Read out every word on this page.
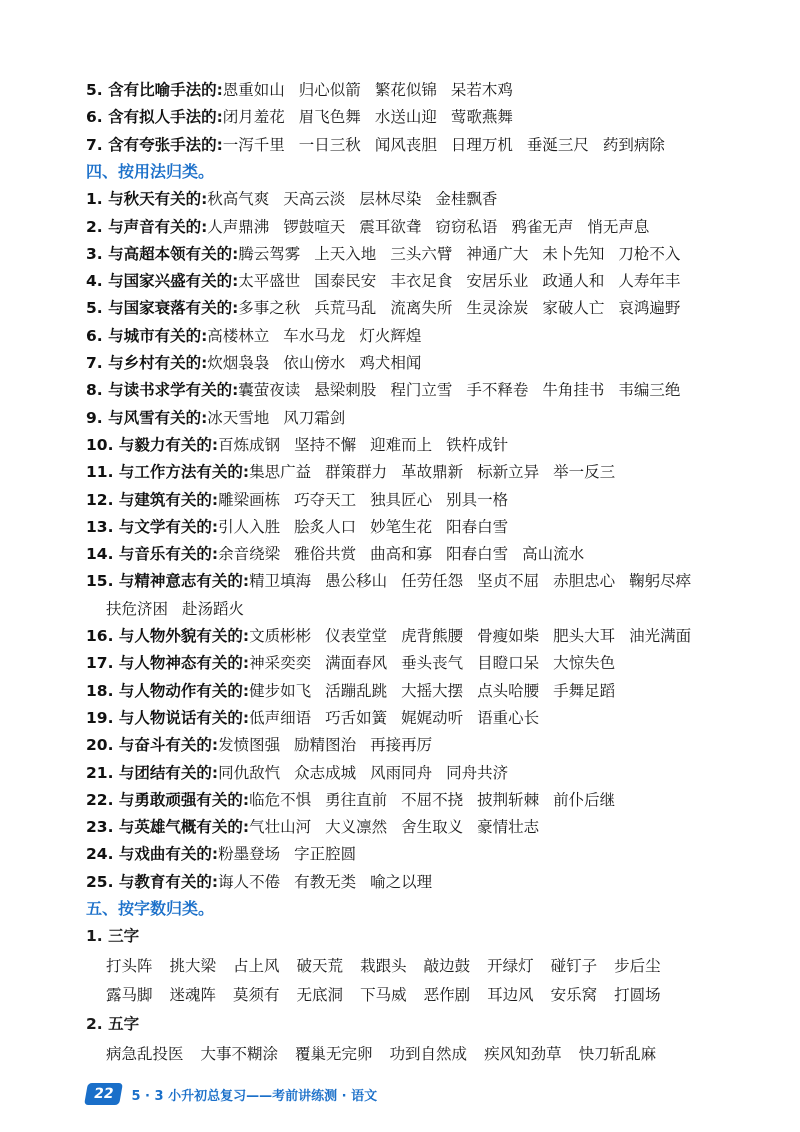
5. 含有比喻手法的:恩重如山 归心似箭 繁花似锦 呆若木鸡
6. 含有拟人手法的:闭月羞花 眉飞色舞 水送山迎 莺歌燕舞
7. 含有夸张手法的:一泻千里 一日三秋 闻风丧胆 日理万机 垂涎三尺 药到病除
四、按用法归类。
1. 与秋天有关的:秋高气爽 天高云淡 层林尽染 金桂飘香
2. 与声音有关的:人声鼎沸 锣鼓喧天 震耳欲聋 窃窃私语 鸦雀无声 悄无声息
3. 与高超本领有关的:腾云驾雾 上天入地 三头六臂 神通广大 未卜先知 刀枪不入
4. 与国家兴盛有关的:太平盛世 国泰民安 丰衣足食 安居乐业 政通人和 人寿年丰
5. 与国家衰落有关的:多事之秋 兵荒马乱 流离失所 生灵涂炭 家破人亡 哀鸿遍野
6. 与城市有关的:高楼林立 车水马龙 灯火辉煌
7. 与乡村有关的:炊烟袅袅 依山傍水 鸡犬相闻
8. 与读书求学有关的:囊萤夜读 悬梁刺股 程门立雪 手不释卷 牛角挂书 韦编三绝
9. 与风雪有关的:冰天雪地 风刀霜剑
10. 与毅力有关的:百炼成钢 坚持不懈 迎难而上 铁杵成针
11. 与工作方法有关的:集思广益 群策群力 革故鼎新 标新立异 举一反三
12. 与建筑有关的:雕梁画栋 巧夺天工 独具匠心 别具一格
13. 与文学有关的:引人入胜 脍炙人口 妙笔生花 阳春白雪
14. 与音乐有关的:余音绕梁 雅俗共赏 曲高和寡 阳春白雪 高山流水
15. 与精神意志有关的:精卫填海 愚公移山 任劳任怨 坚贞不屈 赤胆忠心 鞠躬尽瘁
扶危济困 赴汤蹈火
16. 与人物外貌有关的:文质彬彬 仪表堂堂 虎背熊腰 骨瘦如柴 肥头大耳 油光满面
17. 与人物神态有关的:神采奕奕 满面春风 垂头丧气 目瞪口呆 大惊失色
18. 与人物动作有关的:健步如飞 活蹦乱跳 大摇大摆 点头哈腰 手舞足蹈
19. 与人物说话有关的:低声细语 巧舌如簧 娓娓动听 语重心长
20. 与奋斗有关的:发愤图强 励精图治 再接再厉
21. 与团结有关的:同仇敌忾 众志成城 风雨同舟 同舟共济
22. 与勇敢顽强有关的:临危不惧 勇往直前 不屈不挠 披荆斩棘 前仆后继
23. 与英雄气概有关的:气壮山河 大义凛然 舍生取义 豪情壮志
24. 与戏曲有关的:粉墨登场 字正腔圆
25. 与教育有关的:诲人不倦 有教无类 喻之以理
五、按字数归类。
1. 三字
打头阵 挑大梁 占上风 破天荒 栽跟头 敲边鼓 开绿灯 碰钉子 步后尘
露马脚 迷魂阵 莫须有 无底洞 下马威 恶作剧 耳边风 安乐窝 打圆场
2. 五字
病急乱投医 大事不糊涂 覆巢无完卵 功到自然成 疾风知劲草 快刀斩乱麻
22	5 · 3 小升初总复习——考前讲练测 · 语文
